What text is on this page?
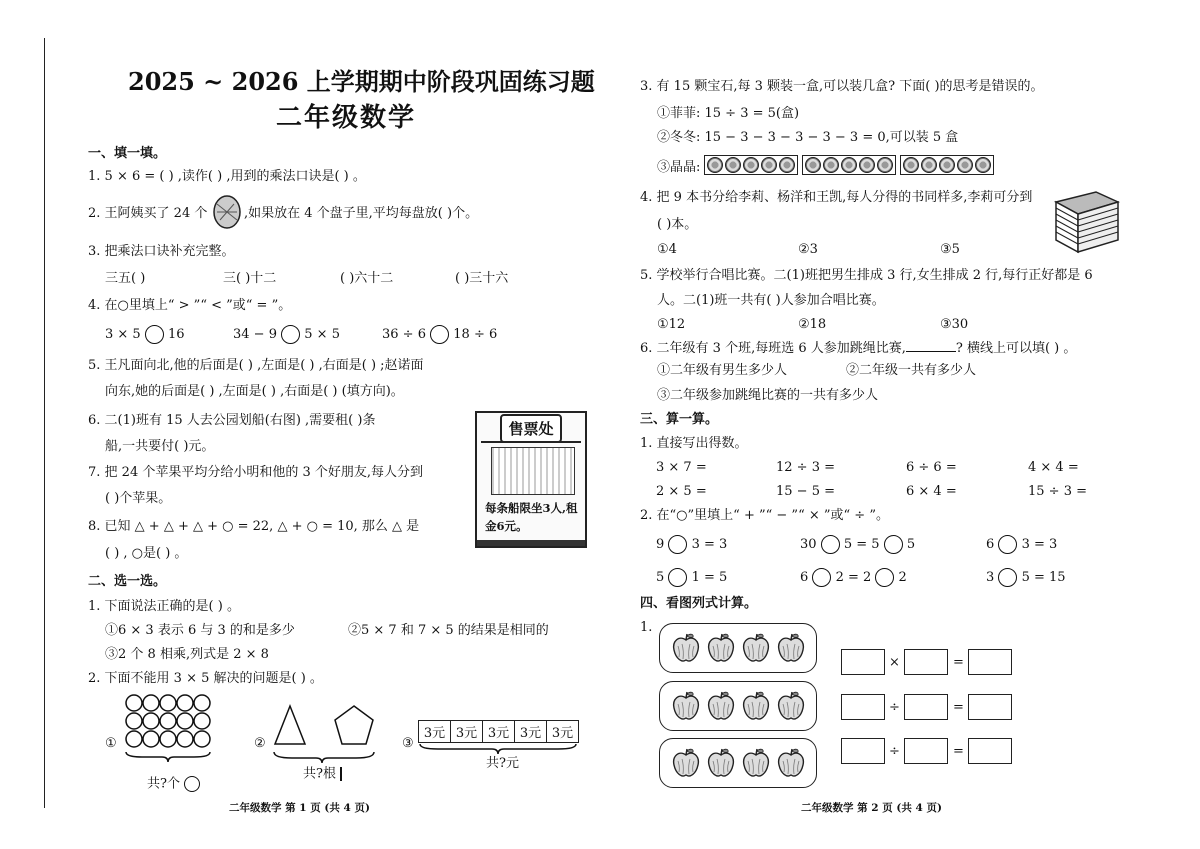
2025 ~ 2026 上学期期中阶段巩固练习题
二年级数学
一、填一填。
1. 5 × 6 = ( ) ,读作( ) ,用到的乘法口诀是( ) 。
2. 王阿姨买了 24 个	,如果放在 4 个盘子里,平均每盘放( )个。
3. 把乘法口诀补充完整。
三五( )	三( )十二	( )六十二	( )三十六
4. 在○里填上“ > ”“ < ”或“ = ”。
3 × 5 16	34 − 9 5 × 5	36 ÷ 6 18 ÷ 6
5. 王凡面向北,他的后面是( ) ,左面是( ) ,右面是( ) ;赵诺面
向东,她的后面是( ) ,左面是( ) ,右面是( ) (填方向)。
6. 二(1)班有 15 人去公园划船(右图) ,需要租( )条
船,一共要付( )元。
7. 把 24 个苹果平均分给小明和他的 3 个好朋友,每人分到
( )个苹果。
8. 已知 △ + △ + △ + ○ = 22, △ + ○ = 10, 那么 △ 是
( ) , ○是( ) 。
售票处
每条船限坐3人,租金6元。
二、选一选。
1. 下面说法正确的是( ) 。
①6 × 3 表示 6 与 3 的和是多少	②5 × 7 和 7 × 5 的结果是相同的
③2 个 8 相乘,列式是 2 × 8
2. 下面不能用 3 × 5 解决的问题是( ) 。
①
共?个
②
共?根
③
3元 3元 3元 3元 3元
共?元
二年级数学 第 1 页 (共 4 页)
3. 有 15 颗宝石,每 3 颗装一盒,可以装几盒? 下面( )的思考是错误的。
①菲菲: 15 ÷ 3 = 5(盒)
②冬冬: 15 − 3 − 3 − 3 − 3 − 3 = 0,可以装 5 盒
③晶晶:

4. 把 9 本书分给李莉、杨洋和王凯,每人分得的书同样多,李莉可分到
( )本。
①4	②3	③5
5. 学校举行合唱比赛。二(1)班把男生排成 3 行,女生排成 2 行,每行正好都是 6
人。二(1)班一共有( )人参加合唱比赛。
①12	②18	③30
6. 二年级有 3 个班,每班选 6 人参加跳绳比赛,	? 横线上可以填( ) 。
①二年级有男生多少人	②二年级一共有多少人
③二年级参加跳绳比赛的一共有多少人
三、算一算。
1. 直接写出得数。
3 × 7 =	12 ÷ 3 =	6 ÷ 6 =	4 × 4 =
2 × 5 =	15 − 5 =	6 × 4 =	15 ÷ 3 =
2. 在“○”里填上“ + ”“ − ”“ × ”或“ ÷ ”。
9 3 = 3	30 5 = 5 5	6 3 = 3
5 1 = 5	6 2 = 2 2	3 5 = 15
四、看图列式计算。
1.
×	=
÷	=
÷	=
二年级数学 第 2 页 (共 4 页)
